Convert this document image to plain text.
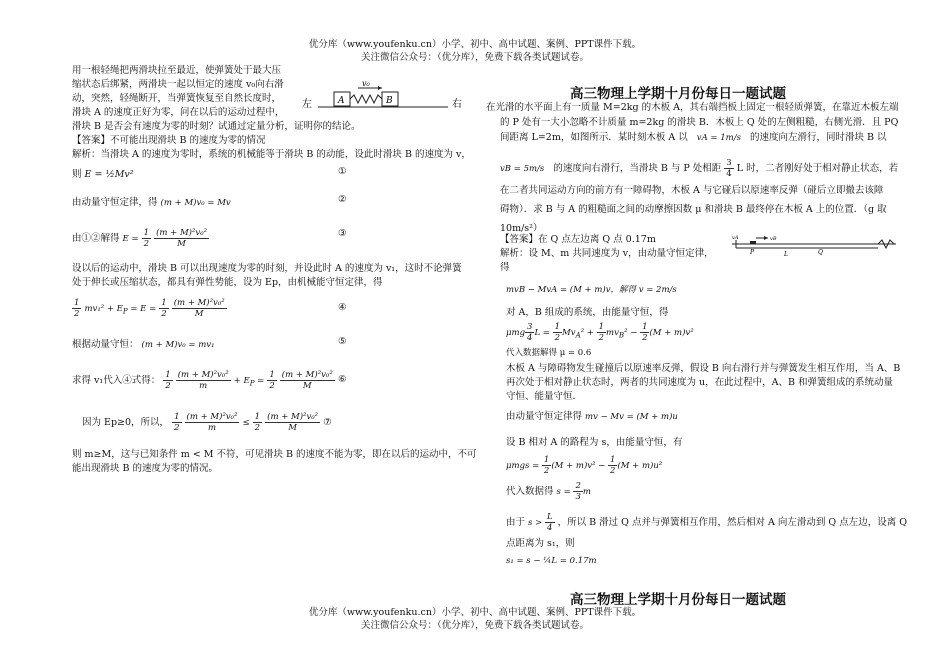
优分库（www.youfenku.cn）小学、初中、高中试题、案例、PPT课件下载。
关注微信公众号：（优分库），免费下载各类试题试卷。

用一根轻绳把两滑块拉至最近，使弹簧处于最大压

缩状态后绑紧，两滑块一起以恒定的速度 v₀向右滑

动，突然，轻绳断开，当弹簧恢复至自然长度时，

滑块 A 的速度正好为零，问在以后的运动过程中，

滑块 B 是否会有速度为零的时刻？试通过定量分析，证明你的结论。

【答案】不可能出现滑块 B 的速度为零的情况

解析：当滑块 A 的速度为零时，系统的机械能等于滑块 B 的动能，设此时滑块 B 的速度为 v，

左	右
A	B
v₀
则 E = ½Mv²	①
由动量守恒定律，得 (m + M)v₀ = Mv	②
由①②解得 $E = \frac{1}{2}$
$\frac{\text{(m + M)²v₀²}}{M}$	③

设以后的运动中，滑块 B 可以出现速度为零的时刻，并设此时 A 的速度为 v₁，这时不论弹簧

处于伸长或压缩状态，都具有弹性势能，设为 Ep，由机械能守恒定律，得

$\frac{1}{2} mv_1^2 + E_P = E = \frac{1}{2}$
$\frac{\text{(m + M)²v₀²}}{M}$	④
根据动量守恒： (m + M)v₀ = mv₁	⑤
求得 v₁代入④式得： $\frac{1}{2}$
$\frac{\text{(m + M)²v₀²}}{m} + E_P = \frac{1}{2}$
$\frac{\text{(m + M)²v₀²}}{M}$ ⑥
因为 Ep≥0，所以， $\frac{1}{2}$
$\frac{\text{(m + M)²v₀²}}{m} \le \frac{1}{2}$
$\frac{\text{(m + M)²v₀²}}{M}$ ⑦

则 m≥M，这与已知条件 m < M 不符，可见滑块 B 的速度不能为零，即在以后的运动中，不可

能出现滑块 B 的速度为零的情况。

高三物理上学期十月份每日一题试题

在光滑的水平面上有一质量 M=2kg 的木板 A，其右端挡板上固定一根轻质弹簧，在靠近木板左端

的 P 处有一大小忽略不计质量 m=2kg 的滑块 B．木板上 Q 处的左侧粗糙，右侧光滑．且 PQ

间距离 L=2m，如图所示．某时刻木板 A 以 vA = 1m/s 的速度向左滑行，同时滑块 B 以

vB = 5m/s 的速度向右滑行，当滑块 B 与 P 处相距 $\frac{3}{4}$ L 时，二者刚好处于相对静止状态，若

在二者共同运动方向的前方有一障碍物，木板 A 与它碰后以原速率反弹（碰后立即撤去该障

碍物）．求 B 与 A 的粗糙面之间的动摩擦因数 μ 和滑块 B 最终停在木板 A 上的位置．（g 取

10m/s²）

【答案】在 Q 点左边离 Q 点 0.17m

解析：设 M、m 共同速度为 v，由动量守恒定律，

得

vB
vA
P	Q
L
mvB − MvA = (M + m)v，解得 v = 2m/s
对 A，B 组成的系统，由能量守恒，得
μmg $\frac{3}{4}$ $L = \frac{1}{2} Mv_A^2 + \frac{1}{2} mv_B^2 - \frac{1}{2} (M + m)v^2$
代入数据解得 μ = 0.6

木板 A 与障碍物发生碰撞后以原速率反弹，假设 B 向右滑行并与弹簧发生相互作用，当 A、B

再次处于相对静止状态时，两者的共同速度为 u，在此过程中，A、B 和弹簧组成的系统动量

守恒、能量守恒．

由动量守恒定律得 mv − Mv = (M + m)u
设 B 相对 A 的路程为 s，由能量守恒，有
$\mu mgs = \frac{1}{2} (M + m)v^2 - \frac{1}{2} (M + m)u^2$
代入数据得 $s = \frac{2}{3}$ m

由于 $s > \frac{L}{4}$ ，所以 B 滑过 Q 点并与弹簧相互作用，然后相对 A 向左滑动到 Q 点左边，设离 Q

点距离为 s₁，则

s₁ = s − ¼L = 0.17m
高三物理上学期十月份每日一题试题
优分库（www.youfenku.cn）小学、初中、高中试题、案例、PPT课件下载。
关注微信公众号：（优分库），免费下载各类试题试卷。
